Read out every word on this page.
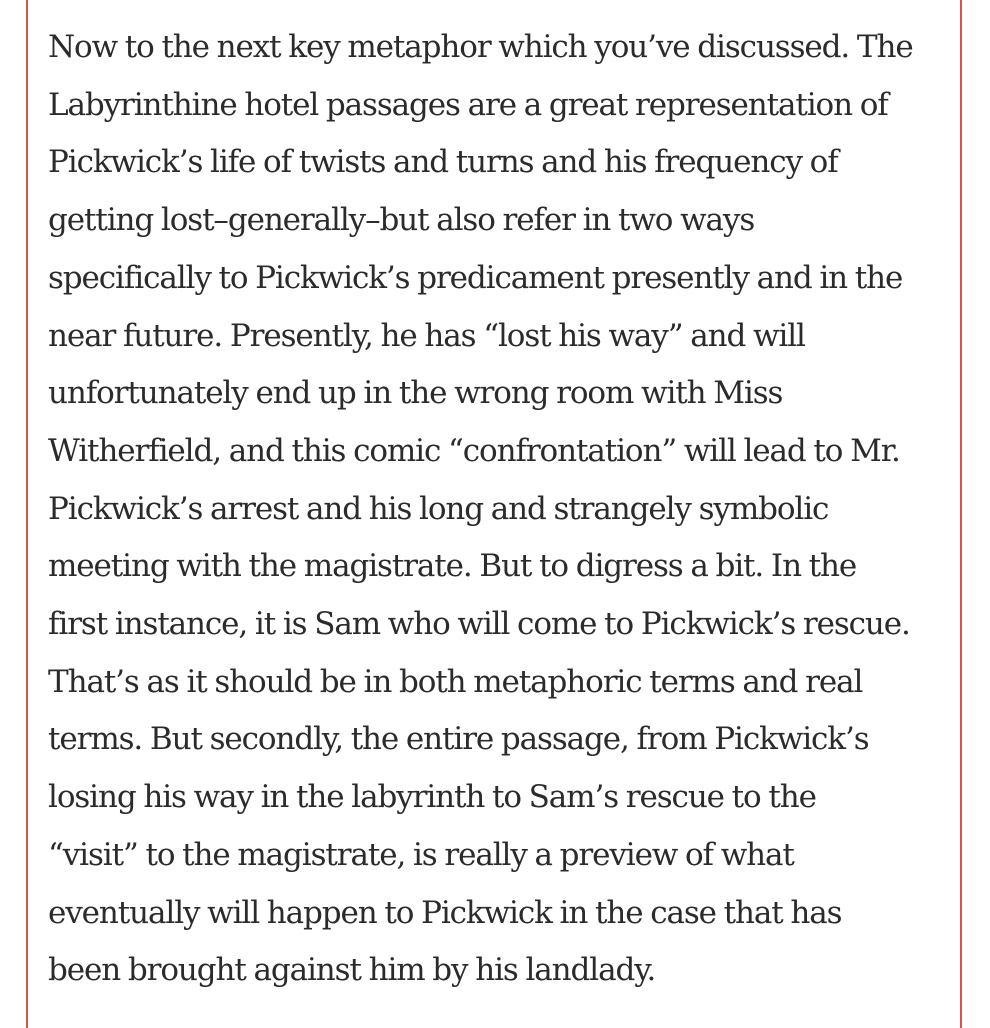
Now to the next key metaphor which you’ve discussed. The
Labyrinthine hotel passages are a great representation of
Pickwick’s life of twists and turns and his frequency of
getting lost–generally–but also refer in two ways
specifically to Pickwick’s predicament presently and in the
near future. Presently, he has “lost his way” and will
unfortunately end up in the wrong room with Miss
Witherfield, and this comic “confrontation” will lead to Mr.
Pickwick’s arrest and his long and strangely symbolic
meeting with the magistrate. But to digress a bit. In the
first instance, it is Sam who will come to Pickwick’s rescue.
That’s as it should be in both metaphoric terms and real
terms. But secondly, the entire passage, from Pickwick’s
losing his way in the labyrinth to Sam’s rescue to the
“visit” to the magistrate, is really a preview of what
eventually will happen to Pickwick in the case that has
been brought against him by his landlady.
